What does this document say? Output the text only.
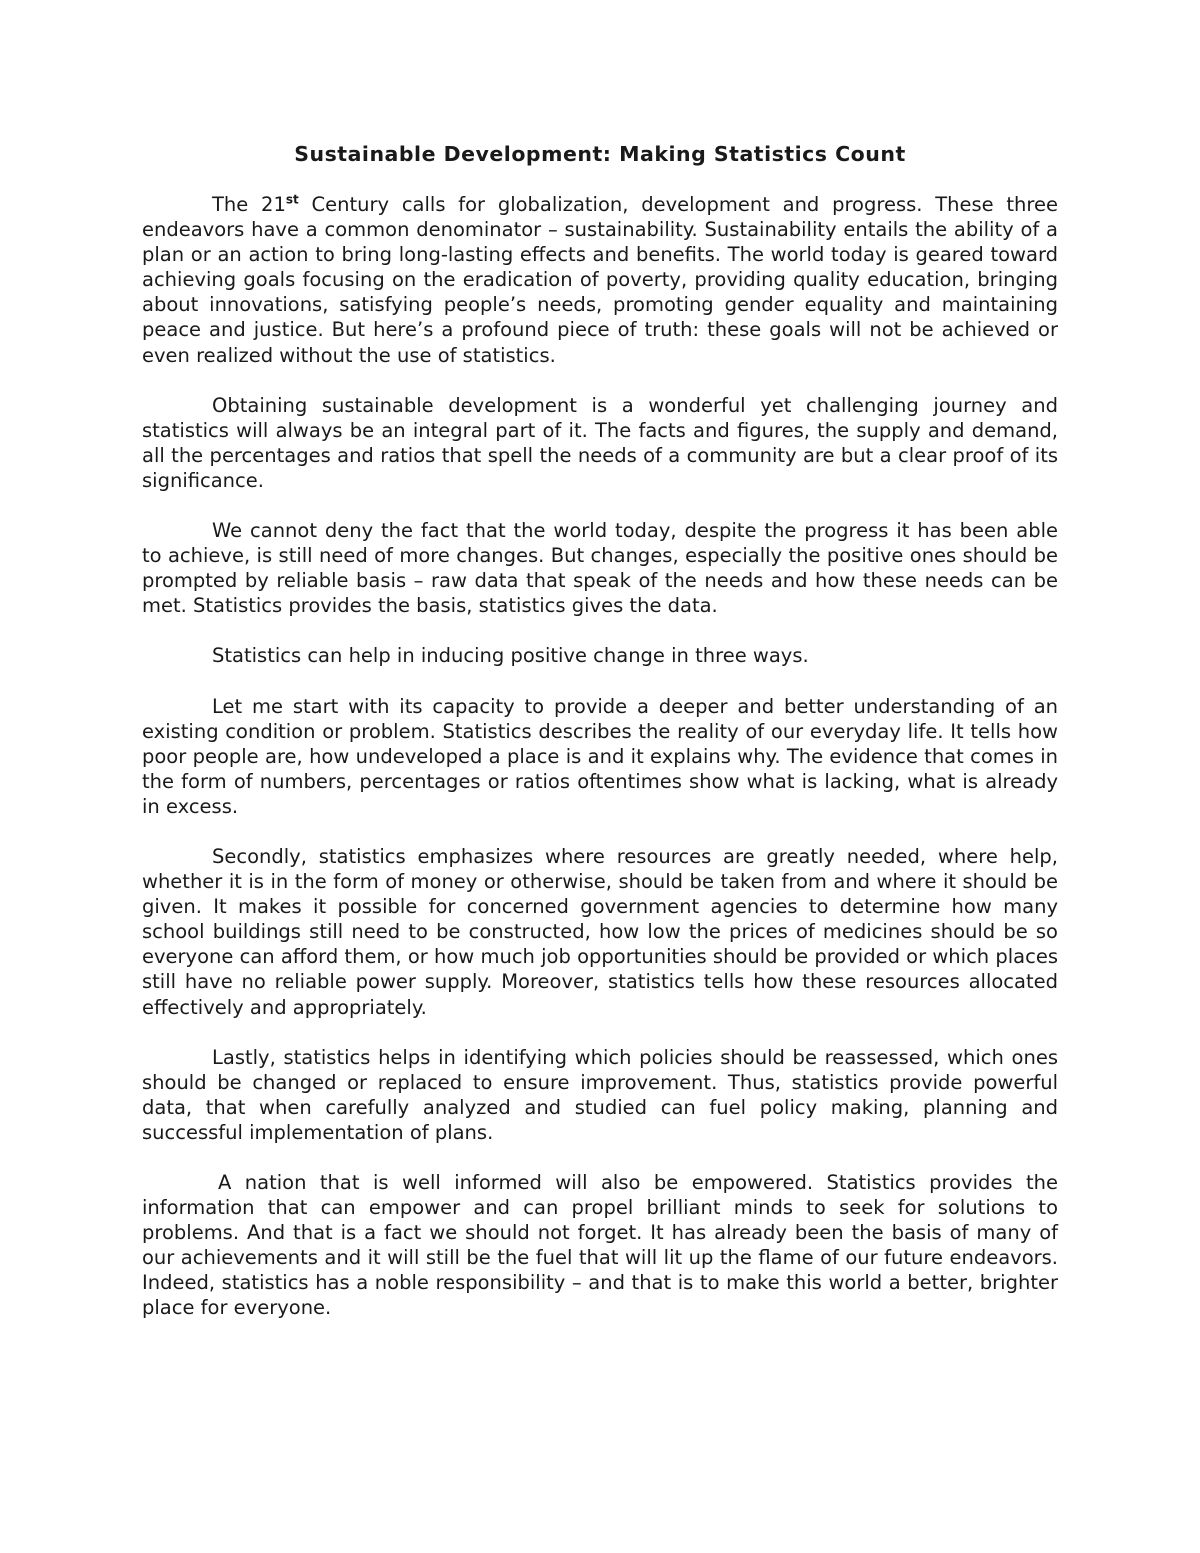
Sustainable Development: Making Statistics Count

The 21st Century calls for globalization, development and progress. These three endeavors have a common denominator – sustainability. Sustainability entails the ability of a plan or an action to bring long-lasting effects and benefits. The world today is geared toward achieving goals focusing on the eradication of poverty, providing quality education, bringing about innovations, satisfying people’s needs, promoting gender equality and maintaining peace and justice. But here’s a profound piece of truth: these goals will not be achieved or even realized without the use of statistics.

Obtaining sustainable development is a wonderful yet challenging journey and statistics will always be an integral part of it. The facts and figures, the supply and demand, all the percentages and ratios that spell the needs of a community are but a clear proof of its significance.

We cannot deny the fact that the world today, despite the progress it has been able to achieve, is still need of more changes. But changes, especially the positive ones should be prompted by reliable basis – raw data that speak of the needs and how these needs can be met. Statistics provides the basis, statistics gives the data.

Statistics can help in inducing positive change in three ways.

Let me start with its capacity to provide a deeper and better understanding of an existing condition or problem. Statistics describes the reality of our everyday life. It tells how poor people are, how undeveloped a place is and it explains why. The evidence that comes in the form of numbers, percentages or ratios oftentimes show what is lacking, what is already in excess.

Secondly, statistics emphasizes where resources are greatly needed, where help, whether it is in the form of money or otherwise, should be taken from and where it should be given. It makes it possible for concerned government agencies to determine how many school buildings still need to be constructed, how low the prices of medicines should be so everyone can afford them, or how much job opportunities should be provided or which places still have no reliable power supply. Moreover, statistics tells how these resources allocated effectively and appropriately.

Lastly, statistics helps in identifying which policies should be reassessed, which ones should be changed or replaced to ensure improvement. Thus, statistics provide powerful data, that when carefully analyzed and studied can fuel policy making, planning and successful implementation of plans.

A nation that is well informed will also be empowered. Statistics provides the information that can empower and can propel brilliant minds to seek for solutions to problems. And that is a fact we should not forget. It has already been the basis of many of our achievements and it will still be the fuel that will lit up the flame of our future endeavors. Indeed, statistics has a noble responsibility – and that is to make this world a better, brighter place for everyone.
